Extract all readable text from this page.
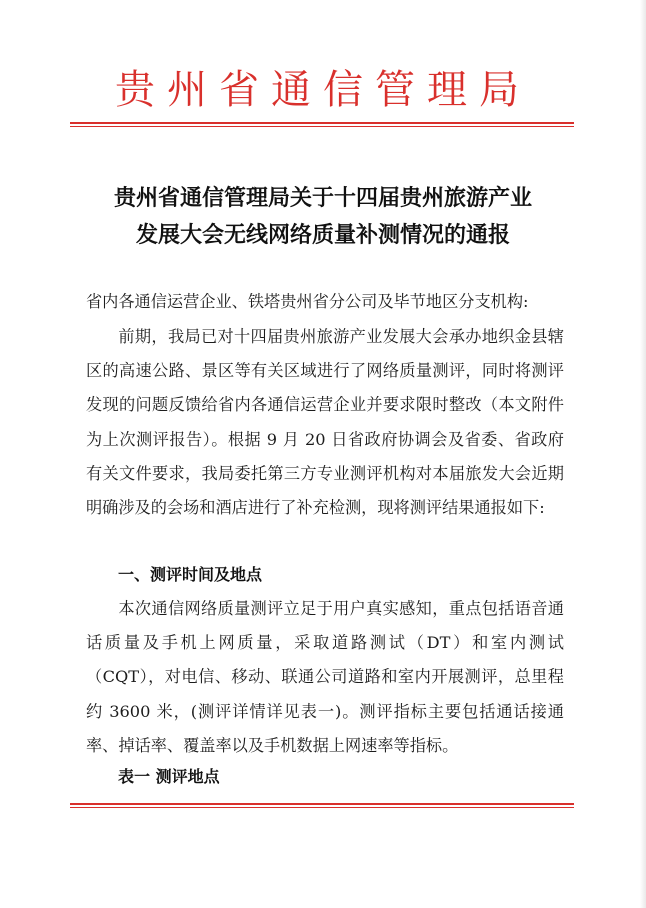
贵州省通信管理局
贵州省通信管理局关于十四届贵州旅游产业
发展大会无线网络质量补测情况的通报
省内各通信运营企业、铁塔贵州省分公司及毕节地区分支机构:
前期，我局已对十四届贵州旅游产业发展大会承办地织金县辖区的高速公路、景区等有关区域进行了网络质量测评，同时将测评发现的问题反馈给省内各通信运营企业并要求限时整改（本文附件为上次测评报告）。根据 9 月 20 日省政府协调会及省委、省政府有关文件要求，我局委托第三方专业测评机构对本届旅发大会近期明确涉及的会场和酒店进行了补充检测，现将测评结果通报如下:
一、测评时间及地点
本次通信网络质量测评立足于用户真实感知，重点包括语音通话质量及手机上网质量，采取道路测试（DT）和室内测试（CQT），对电信、移动、联通公司道路和室内开展测评，总里程约 3600 米，(测评详情详见表一)。测评指标主要包括通话接通率、掉话率、覆盖率以及手机数据上网速率等指标。
表一 测评地点
